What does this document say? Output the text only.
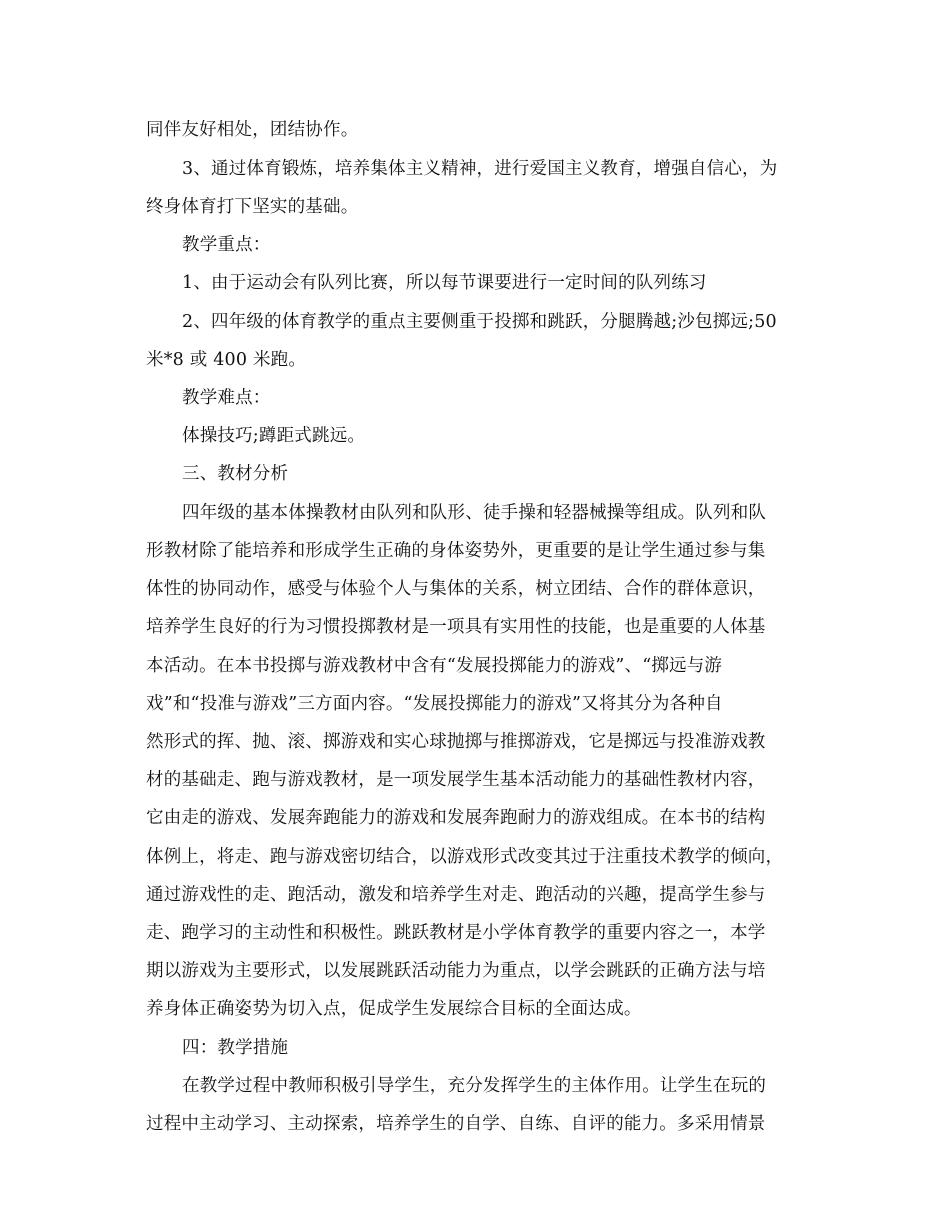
同伴友好相处，团结协作。
3、通过体育锻炼，培养集体主义精神，进行爱国主义教育，增强自信心，为
终身体育打下坚实的基础。
教学重点：
1、由于运动会有队列比赛，所以每节课要进行一定时间的队列练习
2、四年级的体育教学的重点主要侧重于投掷和跳跃，分腿腾越;沙包掷远;50
米*8 或 400 米跑。
教学难点：
体操技巧;蹲距式跳远。
三、教材分析
四年级的基本体操教材由队列和队形、徒手操和轻器械操等组成。队列和队
形教材除了能培养和形成学生正确的身体姿势外，更重要的是让学生通过参与集
体性的协同动作，感受与体验个人与集体的关系，树立团结、合作的群体意识，
培养学生良好的行为习惯投掷教材是一项具有实用性的技能，也是重要的人体基
本活动。在本书投掷与游戏教材中含有“发展投掷能力的游戏”、“掷远与游
戏”和“投准与游戏”三方面内容。“发展投掷能力的游戏”又将其分为各种自
然形式的挥、抛、滚、掷游戏和实心球抛掷与推掷游戏，它是掷远与投准游戏教
材的基础走、跑与游戏教材，是一项发展学生基本活动能力的基础性教材内容，
它由走的游戏、发展奔跑能力的游戏和发展奔跑耐力的游戏组成。在本书的结构
体例上，将走、跑与游戏密切结合，以游戏形式改变其过于注重技术教学的倾向，
通过游戏性的走、跑活动，激发和培养学生对走、跑活动的兴趣，提高学生参与
走、跑学习的主动性和积极性。跳跃教材是小学体育教学的重要内容之一，本学
期以游戏为主要形式，以发展跳跃活动能力为重点，以学会跳跃的正确方法与培
养身体正确姿势为切入点，促成学生发展综合目标的全面达成。
四：教学措施
在教学过程中教师积极引导学生，充分发挥学生的主体作用。让学生在玩的
过程中主动学习、主动探索，培养学生的自学、自练、自评的能力。多采用情景
